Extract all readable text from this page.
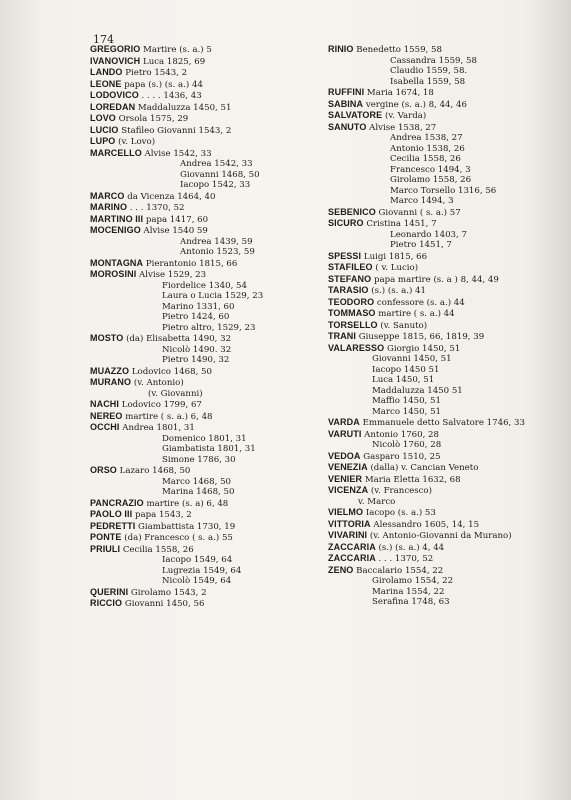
174
GREGORIO Martire (s. a.) 5
IVANOVICH Luca 1825, 69
LANDO Pietro 1543, 2
LEONE papa (s.) (s. a.) 44
LODOVICO . . . . 1436, 43
LOREDAN Maddaluzza 1450, 51
LOVO Orsola 1575, 29
LUCIO Stafileo Giovanni 1543, 2
LUPO (v. Lovo)
MARCELLO Alvise 1542, 33
Andrea 1542, 33
Giovanni 1468, 50
Iacopo 1542, 33
MARCO da Vicenza 1464, 40
MARINO . . . 1370, 52
MARTINO III papa 1417, 60
MOCENIGO Alvise 1540 59
Andrea 1439, 59
Antonio 1523, 59
MONTAGNA Pierantonio 1815, 66
MOROSINI Alvise 1529, 23
Fiordelice 1340, 54
Laura o Lucia 1529, 23
Marino 1331, 60
Pietro 1424, 60
Pietro altro, 1529, 23
MOSTO (da) Elisabetta 1490, 32
Nicolò 1490. 32
Pietro 1490, 32
MUAZZO Lodovico 1468, 50
MURANO (v. Antonio)
(v. Giovanni)
NACHI Lodovico 1799, 67
NEREO martire ( s. a.) 6, 48
OCCHI Andrea 1801, 31
Domenico 1801, 31
Giambatista 1801, 31
Simone 1786, 30
ORSO Lazaro 1468, 50
Marco 1468, 50
Marina 1468, 50
PANCRAZIO martire (s. a) 6, 48
PAOLO III papa 1543, 2
PEDRETTI Giambattista 1730, 19
PONTE (da) Francesco ( s. a.) 55
PRIULI Cecilia 1558, 26
Iacopo 1549, 64
Lugrezia 1549, 64
Nicolò 1549, 64
QUERINI Girolamo 1543, 2
RICCIO Giovanni 1450, 56
RINIO Benedetto 1559, 58
Cassandra 1559, 58
Claudio 1559, 58.
Isabella 1559, 58
RUFFINI Maria 1674, 18
SABINA vergine (s. a.) 8, 44, 46
SALVATORE (v. Varda)
SANUTO Alvise 1538, 27
Andrea 1538, 27
Antonio 1538, 26
Cecilia 1558, 26
Francesco 1494, 3
Girolamo 1558, 26
Marco Torsello 1316, 56
Marco 1494, 3
SEBENICO Giovanni ( s. a.) 57
SICURO Cristina 1451, 7
Leonardo 1403, 7
Pietro 1451, 7
SPESSI Luigi 1815, 66
STAFILEO ( v. Lucio)
STEFANO papa martire (s. a ) 8, 44, 49
TARASIO (s.) (s. a.) 41
TEODORO confessore (s. a.) 44
TOMMASO martire ( s. a.) 44
TORSELLO (v. Sanuto)
TRANI Giuseppe 1815, 66, 1819, 39
VALARESSO Giorgio 1450, 51
Giovanni 1450, 51
Iacopo 1450 51
Luca 1450, 51
Maddaluzza 1450 51
Maffio 1450, 51
Marco 1450, 51
VARDA Emmanuele detto Salvatore 1746, 33
VARUTI Antonio 1760, 28
Nicolò 1760, 28
VEDOA Gasparo 1510, 25
VENEZIA (dalla) v. Cancian Veneto
VENIER Maria Eletta 1632, 68
VICENZA (v. Francesco)
v. Marco
VIELMO Iacopo (s. a.) 53
VITTORIA Alessandro 1605, 14, 15
VIVARINI (v. Antonio-Giovanni da Murano)
ZACCARIA (s.) (s. a.) 4, 44
ZACCARIA . . . 1370, 52
ZENO Baccalario 1554, 22
Girolamo 1554, 22
Marina 1554, 22
Serafina 1748, 63
